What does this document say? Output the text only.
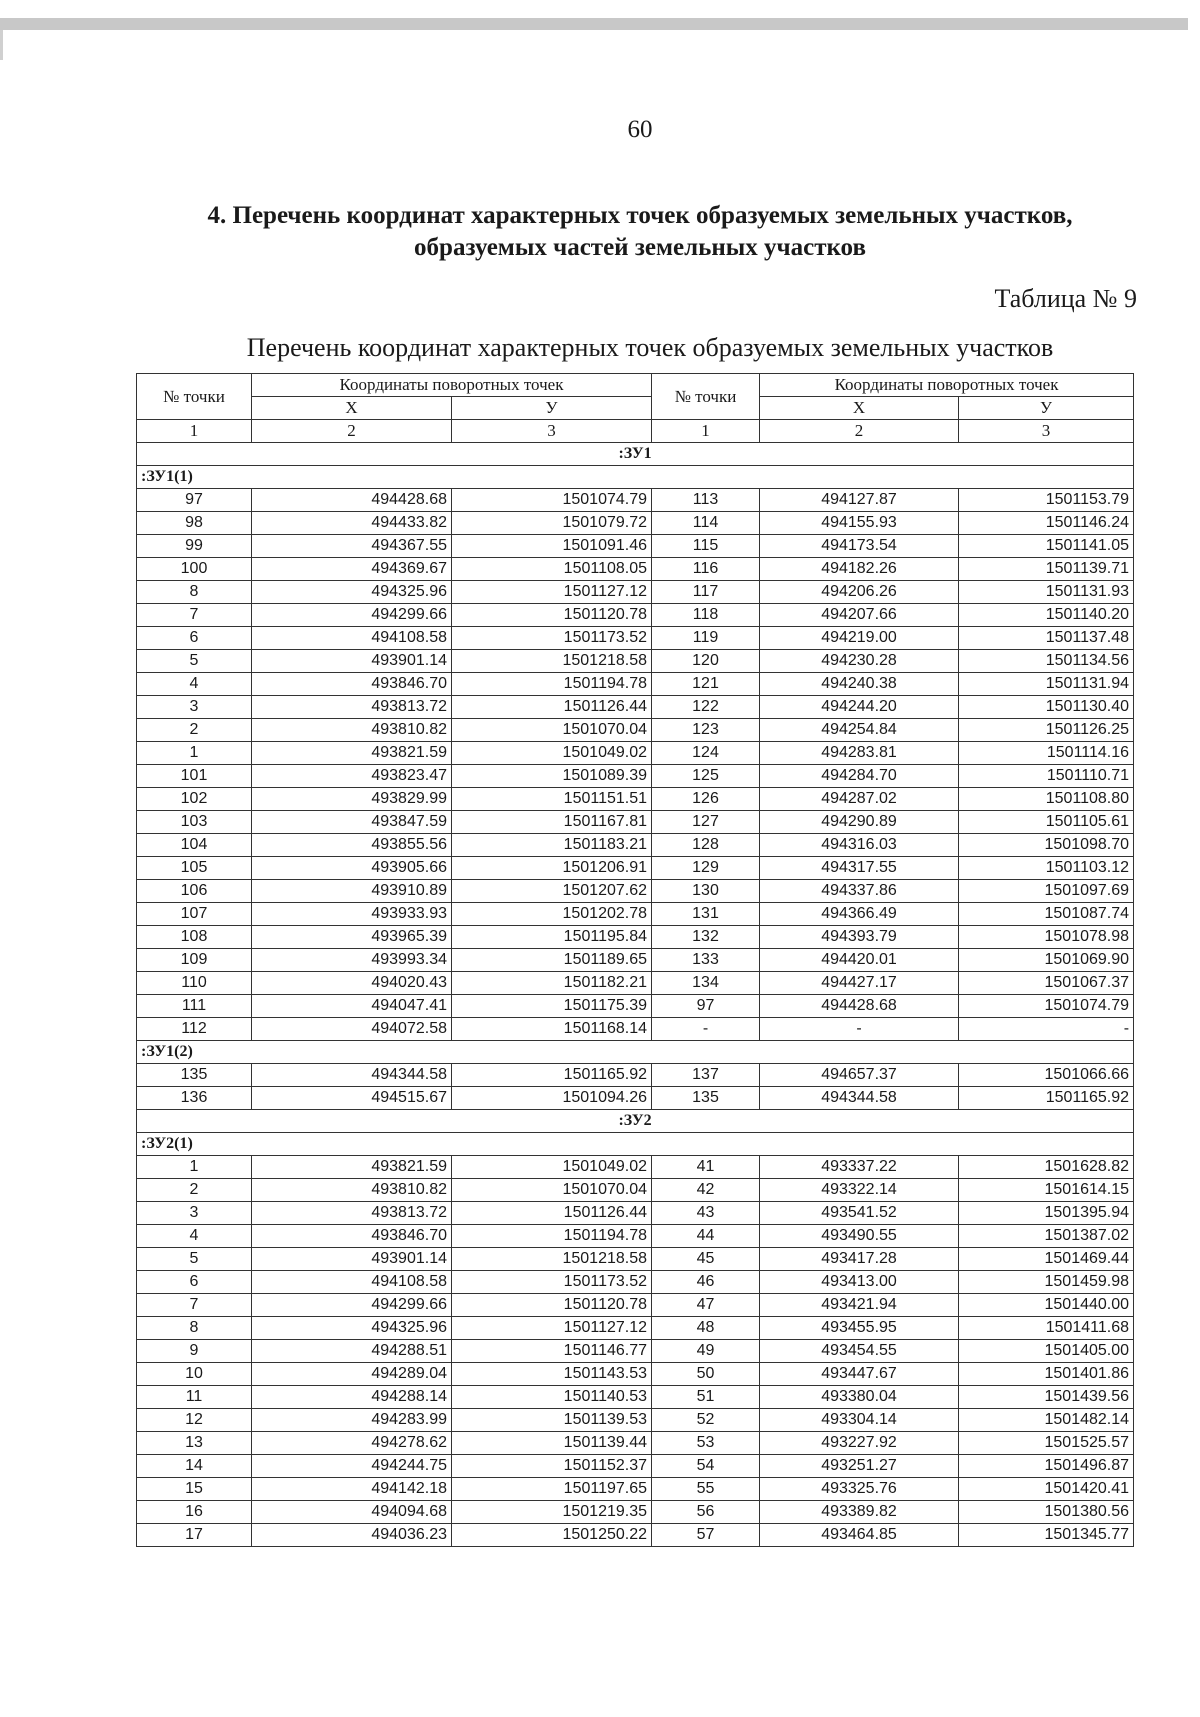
60
4. Перечень координат характерных точек образуемых земельных участков,
образуемых частей земельных участков
Таблица № 9
Перечень координат характерных точек образуемых земельных участков
№ точки	Координаты поворотных точек		№ точки	Координаты поворотных точек	
	X	У		X	У
1	2	3	1	2	3
:ЗУ1					
:ЗУ1(1)					
97	494428.68	1501074.79	113	494127.87	1501153.79
98	494433.82	1501079.72	114	494155.93	1501146.24
99	494367.55	1501091.46	115	494173.54	1501141.05
100	494369.67	1501108.05	116	494182.26	1501139.71
8	494325.96	1501127.12	117	494206.26	1501131.93
7	494299.66	1501120.78	118	494207.66	1501140.20
6	494108.58	1501173.52	119	494219.00	1501137.48
5	493901.14	1501218.58	120	494230.28	1501134.56
4	493846.70	1501194.78	121	494240.38	1501131.94
3	493813.72	1501126.44	122	494244.20	1501130.40
2	493810.82	1501070.04	123	494254.84	1501126.25
1	493821.59	1501049.02	124	494283.81	1501114.16
101	493823.47	1501089.39	125	494284.70	1501110.71
102	493829.99	1501151.51	126	494287.02	1501108.80
103	493847.59	1501167.81	127	494290.89	1501105.61
104	493855.56	1501183.21	128	494316.03	1501098.70
105	493905.66	1501206.91	129	494317.55	1501103.12
106	493910.89	1501207.62	130	494337.86	1501097.69
107	493933.93	1501202.78	131	494366.49	1501087.74
108	493965.39	1501195.84	132	494393.79	1501078.98
109	493993.34	1501189.65	133	494420.01	1501069.90
110	494020.43	1501182.21	134	494427.17	1501067.37
111	494047.41	1501175.39	97	494428.68	1501074.79
112	494072.58	1501168.14	-	-	-
:ЗУ1(2)					
135	494344.58	1501165.92	137	494657.37	1501066.66
136	494515.67	1501094.26	135	494344.58	1501165.92
:ЗУ2					
:ЗУ2(1)					
1	493821.59	1501049.02	41	493337.22	1501628.82
2	493810.82	1501070.04	42	493322.14	1501614.15
3	493813.72	1501126.44	43	493541.52	1501395.94
4	493846.70	1501194.78	44	493490.55	1501387.02
5	493901.14	1501218.58	45	493417.28	1501469.44
6	494108.58	1501173.52	46	493413.00	1501459.98
7	494299.66	1501120.78	47	493421.94	1501440.00
8	494325.96	1501127.12	48	493455.95	1501411.68
9	494288.51	1501146.77	49	493454.55	1501405.00
10	494289.04	1501143.53	50	493447.67	1501401.86
11	494288.14	1501140.53	51	493380.04	1501439.56
12	494283.99	1501139.53	52	493304.14	1501482.14
13	494278.62	1501139.44	53	493227.92	1501525.57
14	494244.75	1501152.37	54	493251.27	1501496.87
15	494142.18	1501197.65	55	493325.76	1501420.41
16	494094.68	1501219.35	56	493389.82	1501380.56
17	494036.23	1501250.22	57	493464.85	1501345.77
